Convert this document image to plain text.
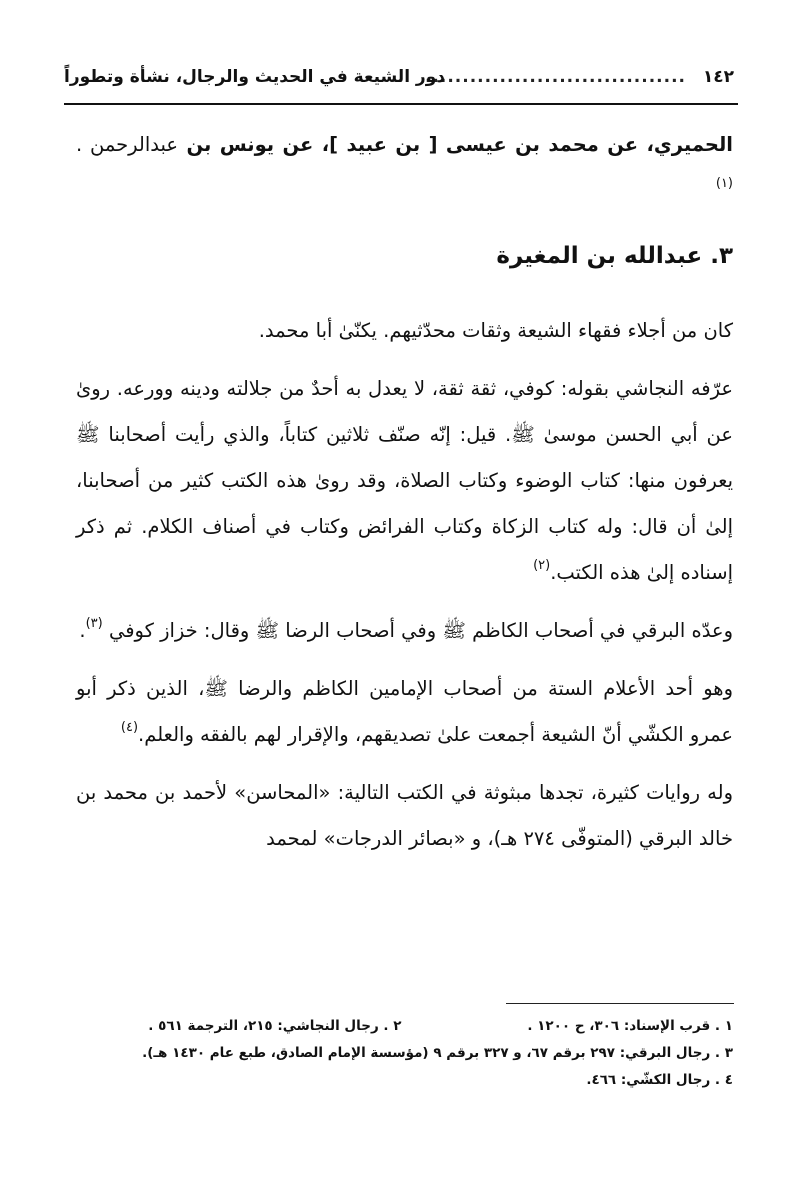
١٤٢
...................................
دور الشيعة في الحديث والرجال، نشأة وتطوراً

الحميري، عن محمد بن عيسى [ بن عبيد ]، عن يونس بن عبدالرحمن . $^{(١)}$

٣. عبدالله بن المغيرة

كان من أجلاء فقهاء الشيعة وثقات محدّثيهم. يكنّىٰ أبا محمد.

عرّفه النجاشي بقوله: كوفي، ثقة ثقة، لا يعدل به أحدٌ من جلالته ودينه وورعه. روىٰ عن أبي الحسن موسىٰ ﷺ. قيل: إنّه صنّف ثلاثين كتاباً، والذي رأيت أصحابنا ﷺ يعرفون منها: كتاب الوضوء وكتاب الصلاة، وقد روىٰ هذه الكتب كثير من أصحابنا، إلىٰ أن قال: وله كتاب الزكاة وكتاب الفرائض وكتاب في أصناف الكلام. ثم ذكر إسناده إلىٰ هذه الكتب.$^{(٢)}$

وعدّه البرقي في أصحاب الكاظم ﷺ وفي أصحاب الرضا ﷺ وقال: خزاز كوفي $^{(٣)}$.

وهو أحد الأعلام الستة من أصحاب الإمامين الكاظم والرضا ﷺ، الذين ذكر أبو عمرو الكشّي أنّ الشيعة أجمعت علىٰ تصديقهم، والإقرار لهم بالفقه والعلم.$^{(٤)}$

وله روايات كثيرة، تجدها مبثوثة في الكتب التالية: «المحاسن» لأحمد بن محمد بن خالد البرقي (المتوفّى ٢٧٤ هـ)، و «بصائر الدرجات» لمحمد

١ . قرب الإسناد: ٣٠٦، ح ١٢٠٠ .
٢ . رجال النجاشي: ٢١٥، الترجمة ٥٦١ .
٣ . رجال البرقي: ٢٩٧ برقم ٦٧، و ٣٢٧ برقم ٩ (مؤسسة الإمام الصادق، طبع عام ١٤٣٠ هـ).
٤ . رجال الكشّي: ٤٦٦.
